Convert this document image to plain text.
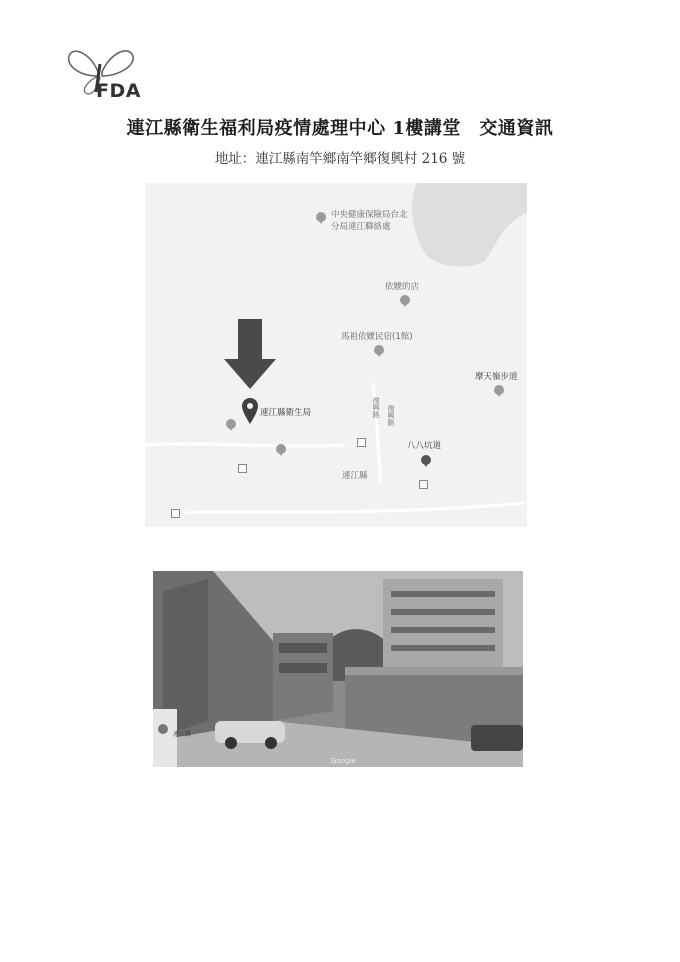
FDA
連江縣衛生福利局疫情處理中心 1樓講堂　交通資訊
地址：連江縣南竿鄉南竿鄉復興村 216 號
中央健康保險局台北
分局連江聯絡處
依嬤的店
馬祖依嬤民宿(1館)
摩天嶺步道
連江縣衛生局	復興路 復興路
八八坑道
連江縣
連江縣
Google
